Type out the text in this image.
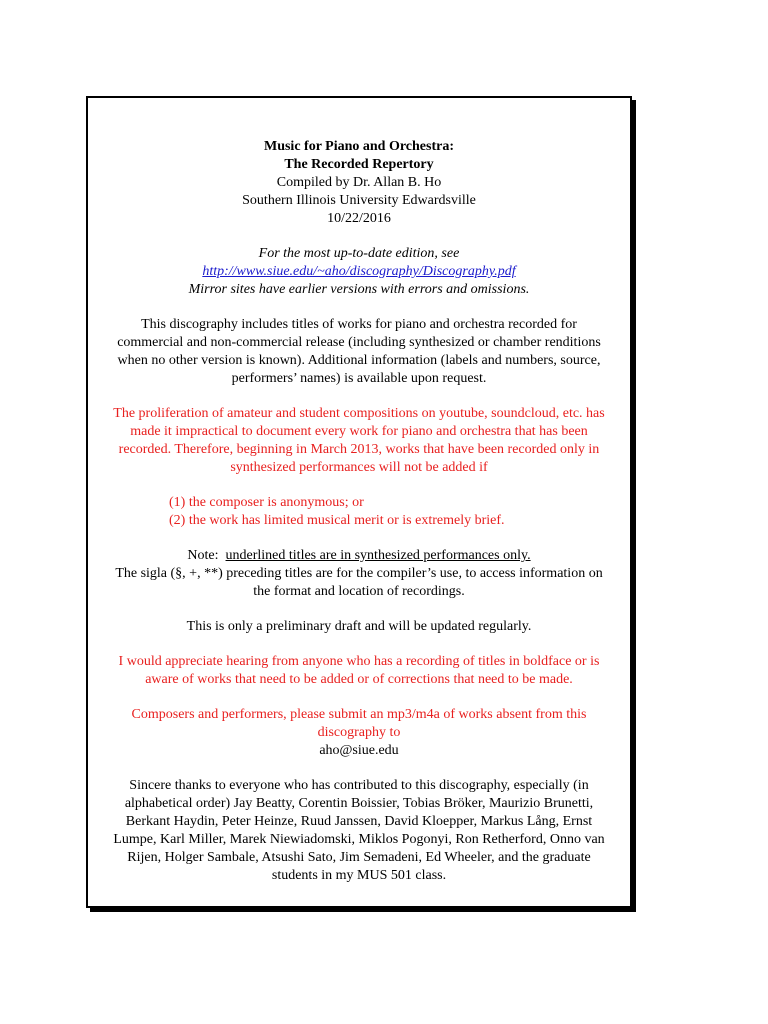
Music for Piano and Orchestra:
The Recorded Repertory
Compiled by Dr. Allan B. Ho
Southern Illinois University Edwardsville
10/22/2016
For the most up-to-date edition, see
http://www.siue.edu/~aho/discography/Discography.pdf
Mirror sites have earlier versions with errors and omissions.
This discography includes titles of works for piano and orchestra recorded for
commercial and non-commercial release (including synthesized or chamber renditions
when no other version is known). Additional information (labels and numbers, source,
performers’ names) is available upon request.
The proliferation of amateur and student compositions on youtube, soundcloud, etc. has
made it impractical to document every work for piano and orchestra that has been
recorded. Therefore, beginning in March 2013, works that have been recorded only in
synthesized performances will not be added if
(1) the composer is anonymous; or
(2) the work has limited musical merit or is extremely brief.
Note:  underlined titles are in synthesized performances only.
The sigla (§, +, **) preceding titles are for the compiler’s use, to access information on
the format and location of recordings.
This is only a preliminary draft and will be updated regularly.
I would appreciate hearing from anyone who has a recording of titles in boldface or is
aware of works that need to be added or of corrections that need to be made.
Composers and performers, please submit an mp3/m4a of works absent from this
discography to
aho@siue.edu
Sincere thanks to everyone who has contributed to this discography, especially (in
alphabetical order) Jay Beatty, Corentin Boissier, Tobias Bröker, Maurizio Brunetti,
Berkant Haydin, Peter Heinze, Ruud Janssen, David Kloepper, Markus Lång, Ernst
Lumpe, Karl Miller, Marek Niewiadomski, Miklos Pogonyi, Ron Retherford, Onno van
Rijen, Holger Sambale, Atsushi Sato, Jim Semadeni, Ed Wheeler, and the graduate
students in my MUS 501 class.
